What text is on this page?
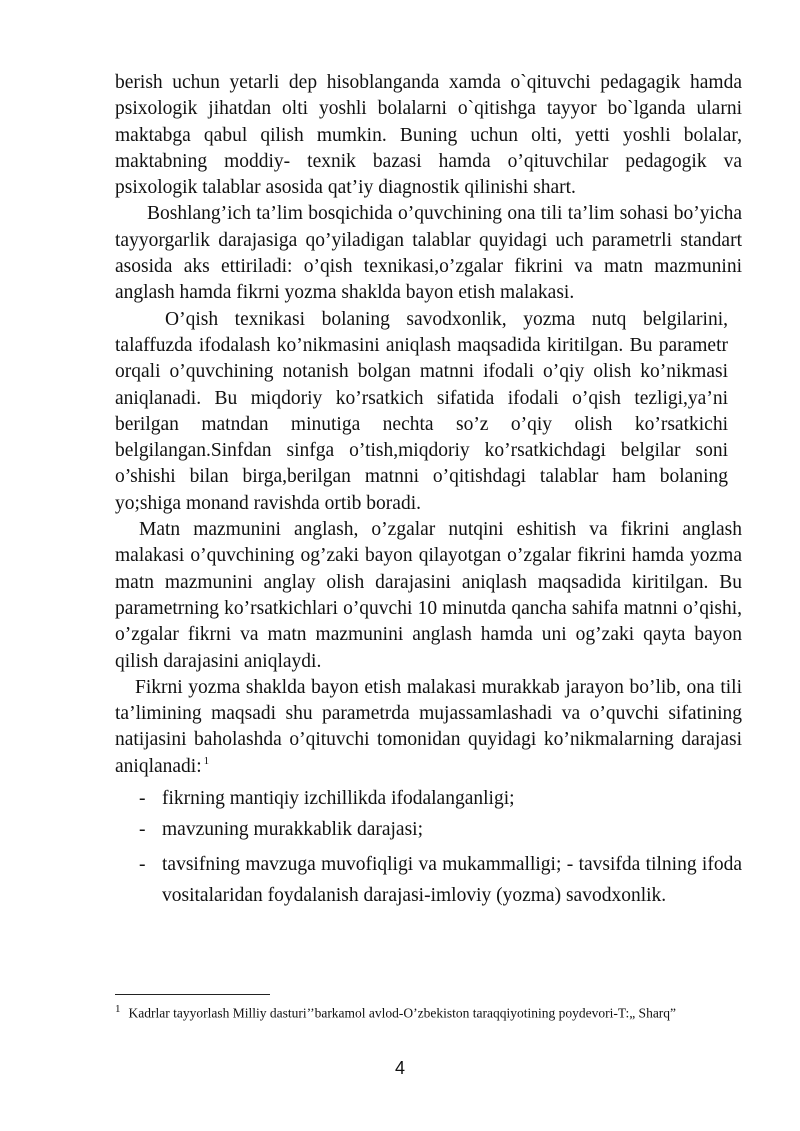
berish uchun yetarli dep hisoblanganda xamda o`qituvchi pedagagik hamda psixologik jihatdan olti yoshli bolalarni o`qitishga tayyor bo`lganda ularni maktabga qabul qilish mumkin. Buning uchun olti, yetti yoshli bolalar, maktabning moddiy- texnik bazasi hamda o’qituvchilar pedagogik va psixologik talablar asosida qat’iy diagnostik qilinishi shart.

Boshlang’ich ta’lim bosqichida o’quvchining ona tili ta’lim sohasi bo’yicha tayyorgarlik darajasiga qo’yiladigan talablar quyidagi uch parametrli standart asosida aks ettiriladi: o’qish texnikasi,o’zgalar fikrini va matn mazmunini anglash hamda fikrni yozma shaklda bayon etish malakasi.

O’qish texnikasi bolaning savodxonlik, yozma nutq belgilarini, talaffuzda ifodalash ko’nikmasini aniqlash maqsadida kiritilgan. Bu parametr orqali o’quvchining notanish bolgan matnni ifodali o’qiy olish ko’nikmasi aniqlanadi. Bu miqdoriy ko’rsatkich sifatida ifodali o’qish tezligi,ya’ni berilgan matndan minutiga nechta so’z o’qiy olish ko’rsatkichi belgilangan.Sinfdan sinfga o’tish,miqdoriy ko’rsatkichdagi belgilar soni o’shishi bilan birga,berilgan matnni o’qitishdagi talablar ham bolaning yo;shiga monand ravishda ortib boradi.

Matn mazmunini anglash, o’zgalar nutqini eshitish va fikrini anglash malakasi o’quvchining og’zaki bayon qilayotgan o’zgalar fikrini hamda yozma matn mazmunini anglay olish darajasini aniqlash maqsadida kiritilgan. Bu parametrning ko’rsatkichlari o’quvchi 10 minutda qancha sahifa matnni o’qishi, o’zgalar fikrni va matn mazmunini anglash hamda uni og’zaki qayta bayon qilish darajasini aniqlaydi.

Fikrni yozma shaklda bayon etish malakasi murakkab jarayon bo’lib, ona tili ta’limining maqsadi shu parametrda mujassamlashadi va o’quvchi sifatining natijasini baholashda o’qituvchi tomonidan quyidagi ko’nikmalarning darajasi aniqlanadi: $^1$

- fikrning mantiqiy izchillikda ifodalanganligi;
- mavzuning murakkablik darajasi;
- tavsifning mavzuga muvofiqligi va mukammalligi; - tavsifda tilning ifoda vositalaridan foydalanish darajasi-imloviy (yozma) savodxonlik.
$^1$ Kadrlar tayyorlash Milliy dasturi’’barkamol avlod-O’zbekiston taraqqiyotining poydevori-T:„ Sharq”
4
